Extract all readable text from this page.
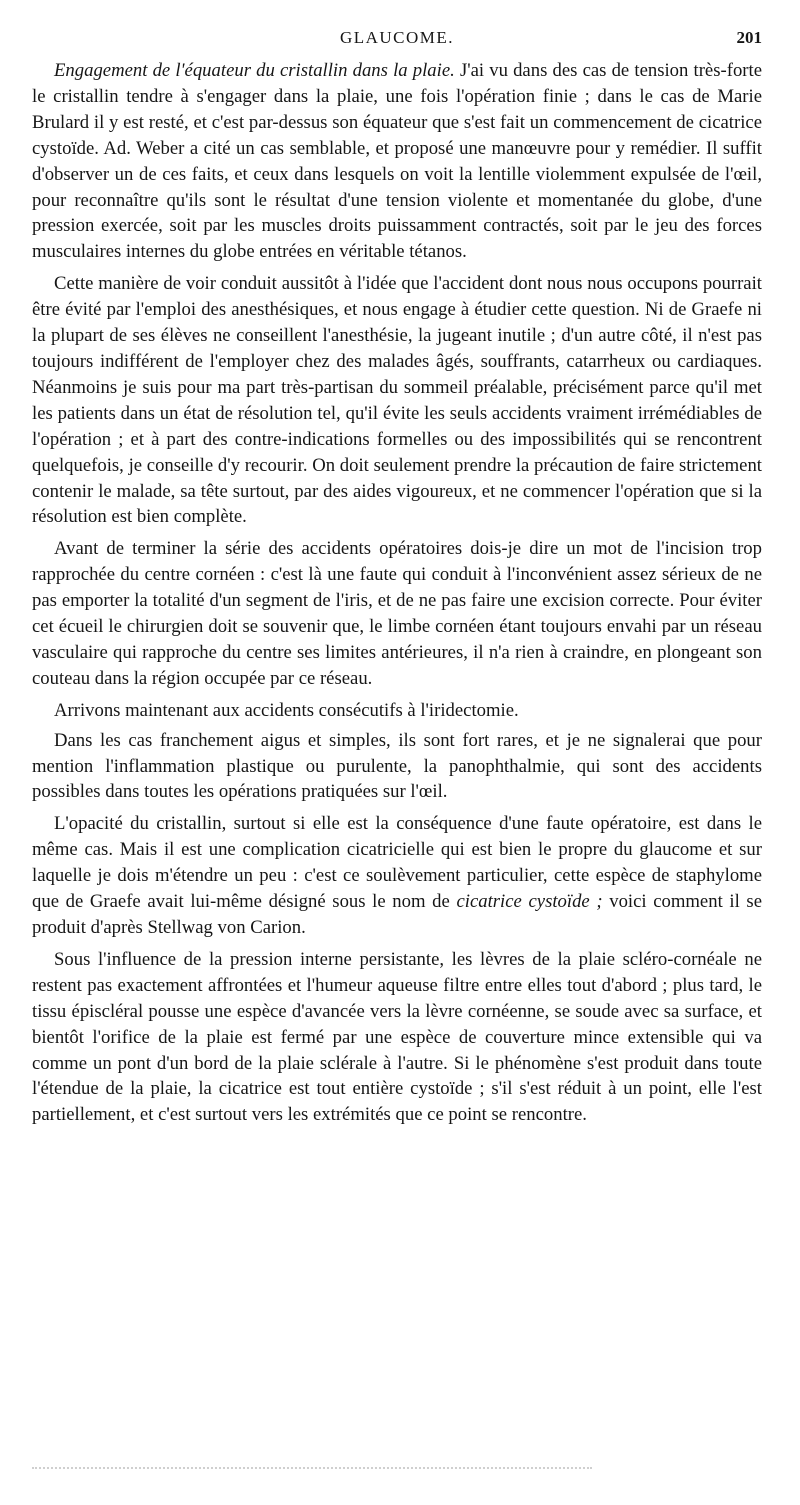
GLAUCOME.	201

Engagement de l'équateur du cristallin dans la plaie. J'ai vu dans des cas de tension très-forte le cristallin tendre à s'engager dans la plaie, une fois l'opération finie ; dans le cas de Marie Brulard il y est resté, et c'est par-dessus son équateur que s'est fait un commencement de cicatrice cystoïde. Ad. Weber a cité un cas semblable, et proposé une manœuvre pour y remédier. Il suffit d'observer un de ces faits, et ceux dans lesquels on voit la lentille violemment expulsée de l'œil, pour reconnaître qu'ils sont le résultat d'une tension violente et momentanée du globe, d'une pression exercée, soit par les muscles droits puissamment contractés, soit par le jeu des forces musculaires internes du globe entrées en véritable tétanos.

Cette manière de voir conduit aussitôt à l'idée que l'accident dont nous nous occupons pourrait être évité par l'emploi des anesthésiques, et nous engage à étudier cette question. Ni de Graefe ni la plupart de ses élèves ne conseillent l'anesthésie, la jugeant inutile ; d'un autre côté, il n'est pas toujours indifférent de l'employer chez des malades âgés, souffrants, catarrheux ou cardiaques. Néanmoins je suis pour ma part très-partisan du sommeil préalable, précisément parce qu'il met les patients dans un état de résolution tel, qu'il évite les seuls accidents vraiment irrémédiables de l'opération ; et à part des contre-indications formelles ou des impossibilités qui se rencontrent quelquefois, je conseille d'y recourir. On doit seulement prendre la précaution de faire strictement contenir le malade, sa tête surtout, par des aides vigoureux, et ne commencer l'opération que si la résolution est bien complète.

Avant de terminer la série des accidents opératoires dois-je dire un mot de l'incision trop rapprochée du centre cornéen : c'est là une faute qui conduit à l'inconvénient assez sérieux de ne pas emporter la totalité d'un segment de l'iris, et de ne pas faire une excision correcte. Pour éviter cet écueil le chirurgien doit se souvenir que, le limbe cornéen étant toujours envahi par un réseau vasculaire qui rapproche du centre ses limites antérieures, il n'a rien à craindre, en plongeant son couteau dans la région occupée par ce réseau.

Arrivons maintenant aux accidents consécutifs à l'iridectomie.

Dans les cas franchement aigus et simples, ils sont fort rares, et je ne signalerai que pour mention l'inflammation plastique ou purulente, la panophthalmie, qui sont des accidents possibles dans toutes les opérations pratiquées sur l'œil.

L'opacité du cristallin, surtout si elle est la conséquence d'une faute opératoire, est dans le même cas. Mais il est une complication cicatricielle qui est bien le propre du glaucome et sur laquelle je dois m'étendre un peu : c'est ce soulèvement particulier, cette espèce de staphylome que de Graefe avait lui-même désigné sous le nom de cicatrice cystoïde ; voici comment il se produit d'après Stellwag von Carion.

Sous l'influence de la pression interne persistante, les lèvres de la plaie scléro-cornéale ne restent pas exactement affrontées et l'humeur aqueuse filtre entre elles tout d'abord ; plus tard, le tissu épiscléral pousse une espèce d'avancée vers la lèvre cornéenne, se soude avec sa surface, et bientôt l'orifice de la plaie est fermé par une espèce de couverture mince extensible qui va comme un pont d'un bord de la plaie sclérale à l'autre. Si le phénomène s'est produit dans toute l'étendue de la plaie, la cicatrice est tout entière cystoïde ; s'il s'est réduit à un point, elle l'est partiellement, et c'est surtout vers les extrémités que ce point se rencontre.
